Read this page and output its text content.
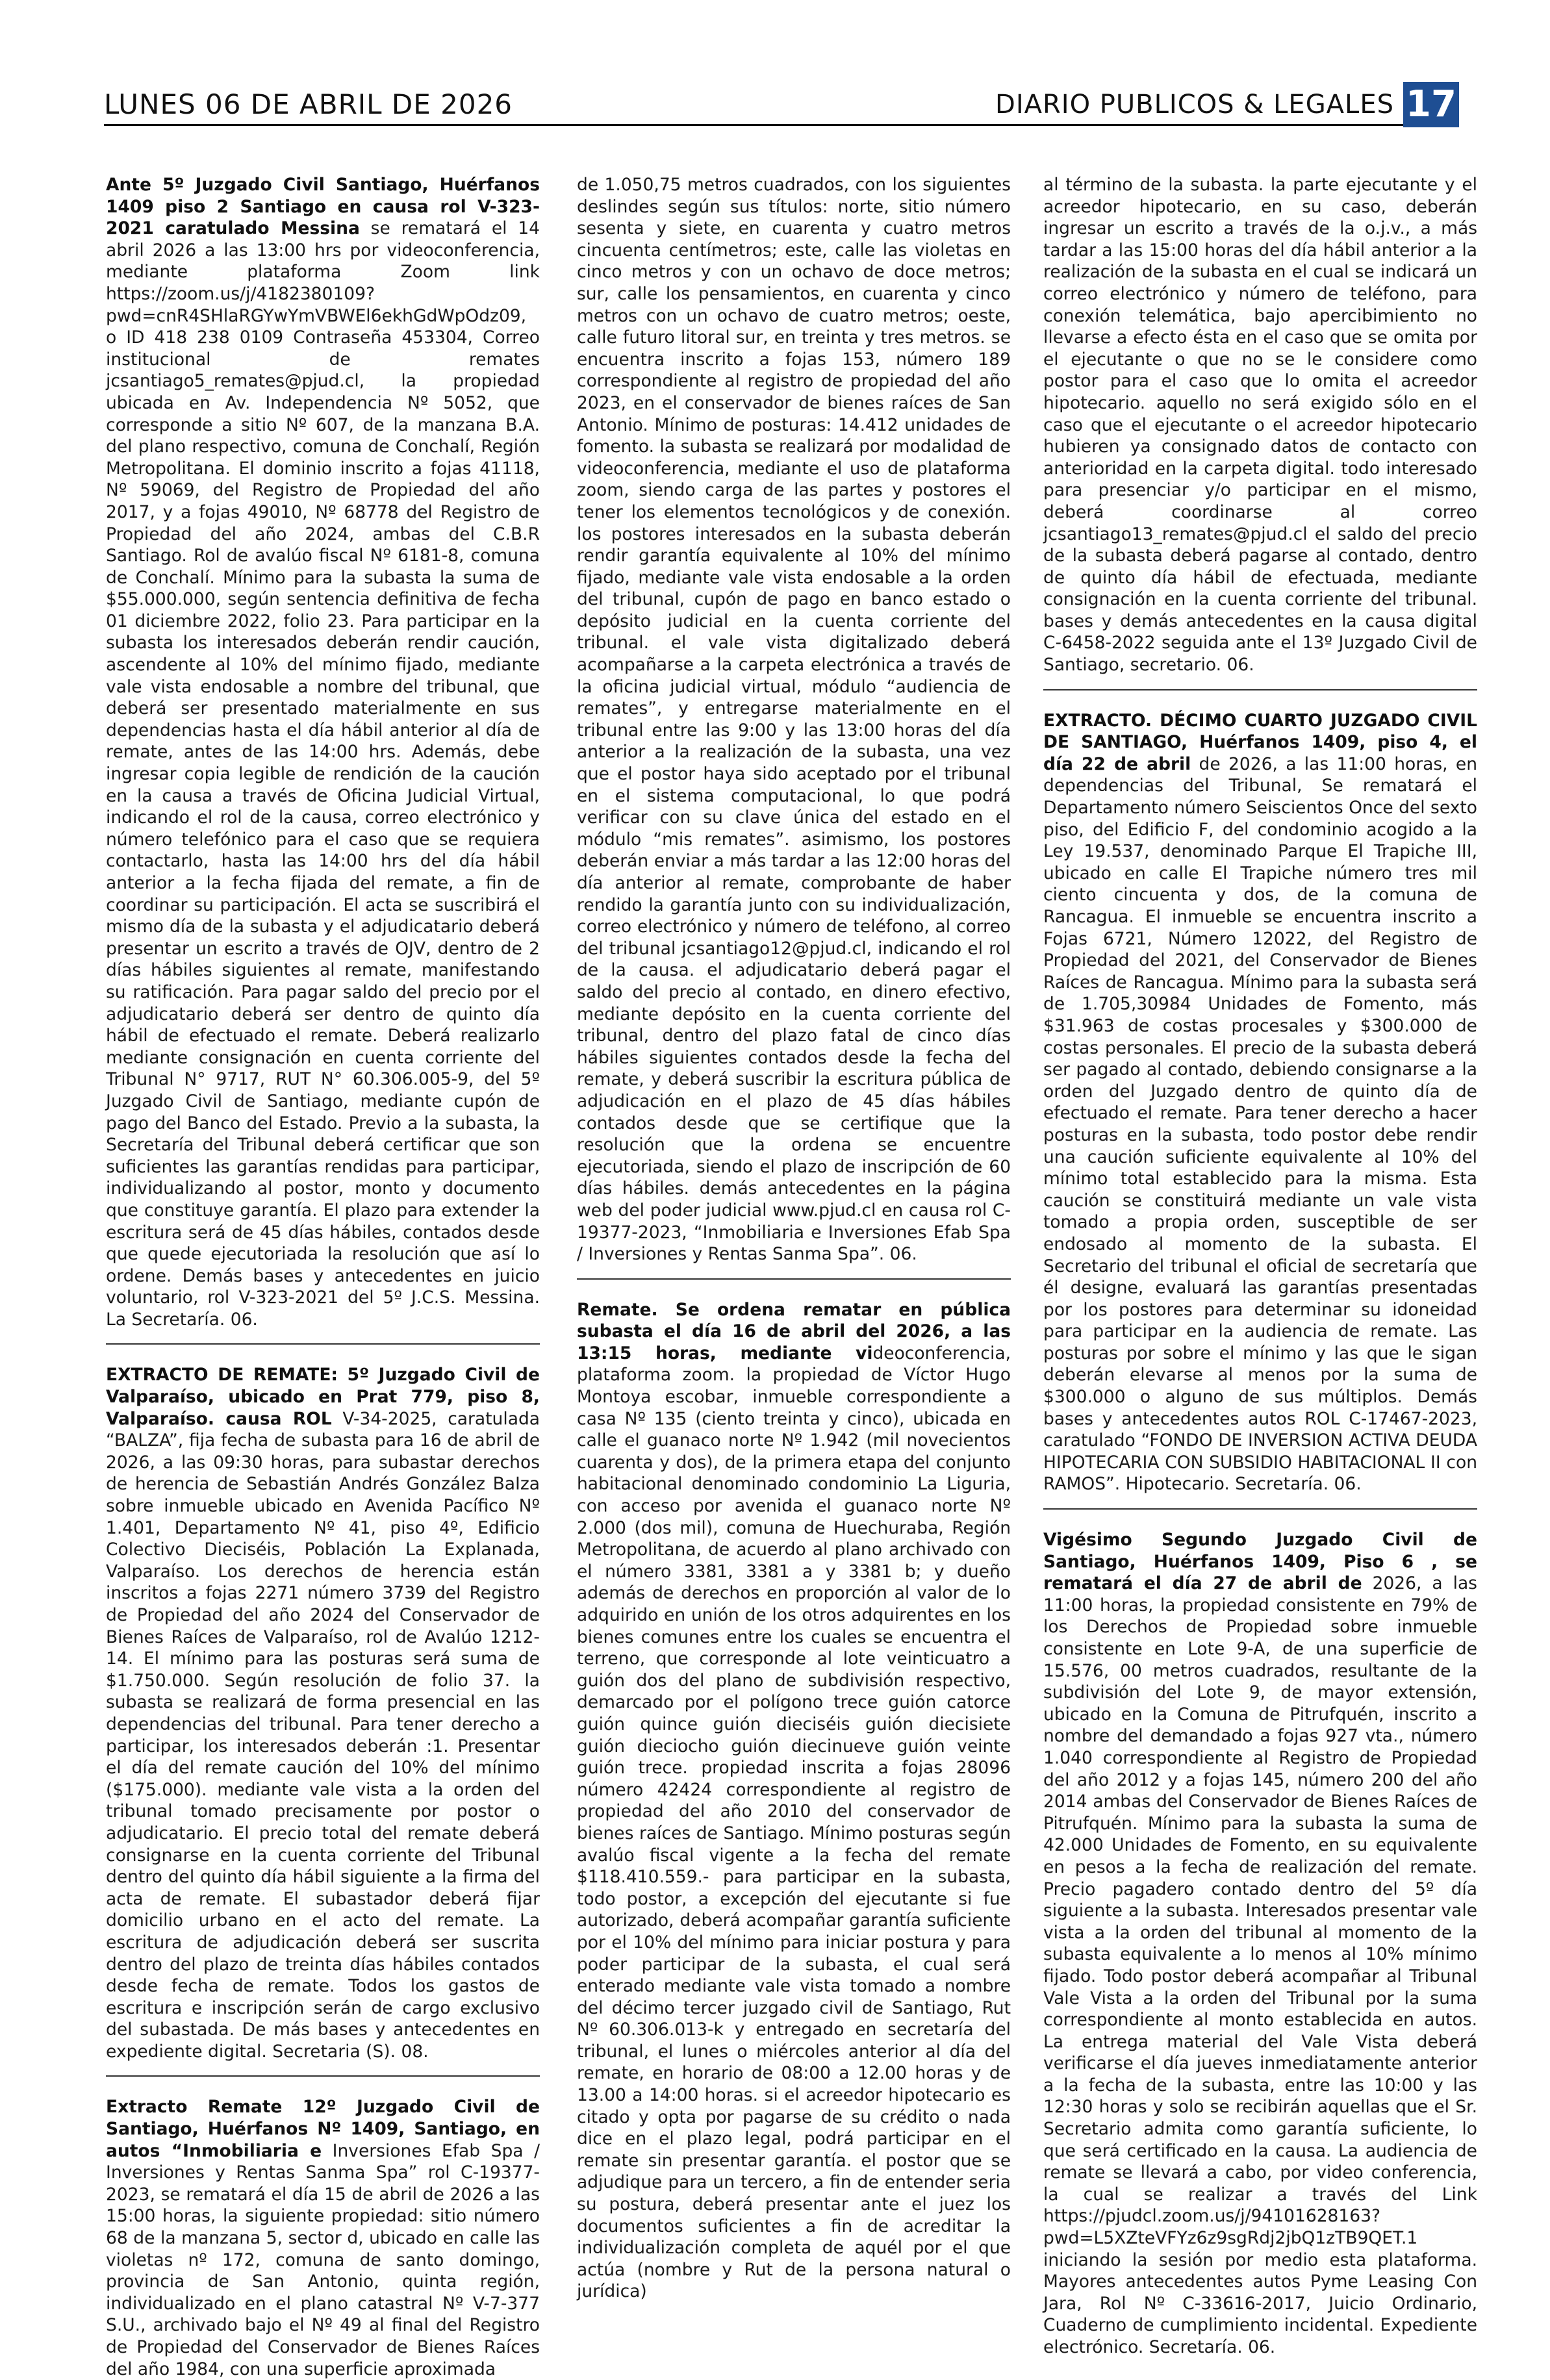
LUNES 06 DE ABRIL DE 2026	DIARIO PUBLICOS & LEGALES 17

Ante 5º Juzgado Civil Santiago, Huérfanos 1409 piso 2 Santiago en causa rol V-323-2021 caratulado Messina se rematará el 14 abril 2026 a las 13:00 hrs por videoconferencia, mediante plataforma Zoom link https://zoom.us/j/4182380109?pwd=cnR4SHlaRGYwYmVBWEl6ekhGdWpOdz09, o ID 418 238 0109 Contraseña 453304, Correo institucional de remates jcsantiago5_remates@pjud.cl, la propiedad ubicada en Av. Independencia Nº 5052, que corresponde a sitio Nº 607, de la manzana B.A. del plano respectivo, comuna de Conchalí, Región Metropolitana. El dominio inscrito a fojas 41118, Nº 59069, del Registro de Propiedad del año 2017, y a fojas 49010, Nº 68778 del Registro de Propiedad del año 2024, ambas del C.B.R Santiago. Rol de avalúo fiscal Nº 6181-8, comuna de Conchalí. Mínimo para la subasta la suma de $55.000.000, según sentencia definitiva de fecha 01 diciembre 2022, folio 23. Para participar en la subasta los interesados deberán rendir caución, ascendente al 10% del mínimo fijado, mediante vale vista endosable a nombre del tribunal, que deberá ser presentado materialmente en sus dependencias hasta el día hábil anterior al día de remate, antes de las 14:00 hrs. Además, debe ingresar copia legible de rendición de la caución en la causa a través de Oficina Judicial Virtual, indicando el rol de la causa, correo electrónico y número telefónico para el caso que se requiera contactarlo, hasta las 14:00 hrs del día hábil anterior a la fecha fijada del remate, a fin de coordinar su participación. El acta se suscribirá el mismo día de la subasta y el adjudicatario deberá presentar un escrito a través de OJV, dentro de 2 días hábiles siguientes al remate, manifestando su ratificación. Para pagar saldo del precio por el adjudicatario deberá ser dentro de quinto día hábil de efectuado el remate. Deberá realizarlo mediante consignación en cuenta corriente del Tribunal N° 9717, RUT N° 60.306.005-9, del 5º Juzgado Civil de Santiago, mediante cupón de pago del Banco del Estado. Previo a la subasta, la Secretaría del Tribunal deberá certificar que son suficientes las garantías rendidas para participar, individualizando al postor, monto y documento que constituye garantía. El plazo para extender la escritura será de 45 días hábiles, contados desde que quede ejecutoriada la resolución que así lo ordene. Demás bases y antecedentes en juicio voluntario, rol V-323-2021 del 5º J.C.S. Messina. La Secretaría. 06.

EXTRACTO DE REMATE: 5º Juzgado Civil de Valparaíso, ubicado en Prat 779, piso 8, Valparaíso. causa ROL V-34-2025, caratulada “BALZA”, fija fecha de subasta para 16 de abril de 2026, a las 09:30 horas, para subastar derechos de herencia de Sebastián Andrés González BaIza sobre inmueble ubicado en Avenida Pacífico Nº 1.401, Departamento Nº 41, piso 4º, Edificio Colectivo Dieciséis, Población La Explanada, Valparaíso. Los derechos de herencia están inscritos a fojas 2271 número 3739 del Registro de Propiedad del año 2024 del Conservador de Bienes Raíces de Valparaíso, rol de Avalúo 1212-14. El mínimo para las posturas será suma de $1.750.000. Según resolución de folio 37. la subasta se realizará de forma presencial en las dependencias del tribunal. Para tener derecho a participar, los interesados deberán :1. Presentar el día del remate caución del 10% del mínimo ($175.000). mediante vale vista a la orden del tribunal tomado precisamente por postor o adjudicatario. El precio total del remate deberá consignarse en la cuenta corriente del Tribunal dentro del quinto día hábil siguiente a la firma del acta de remate. El subastador deberá fijar domicilio urbano en el acto del remate. La escritura de adjudicación deberá ser suscrita dentro del plazo de treinta días hábiles contados desde fecha de remate. Todos los gastos de escritura e inscripción serán de cargo exclusivo del subastada. De más bases y antecedentes en expediente digital. Secretaria (S). 08.

Extracto Remate 12º Juzgado Civil de Santiago, Huérfanos Nº 1409, Santiago, en autos “Inmobiliaria e Inversiones Efab Spa / Inversiones y Rentas Sanma Spa” rol C-19377-2023, se rematará el día 15 de abril de 2026 a las 15:00 horas, la siguiente propiedad: sitio número 68 de la manzana 5, sector d, ubicado en calle las violetas nº 172, comuna de santo domingo, provincia de San Antonio, quinta región, individualizado en el plano catastral Nº V-7-377 S.U., archivado bajo el Nº 49 al final del Registro de Propiedad del Conservador de Bienes Raíces del año 1984, con una superficie aproximada

de 1.050,75 metros cuadrados, con los siguientes deslindes según sus títulos: norte, sitio número sesenta y siete, en cuarenta y cuatro metros cincuenta centímetros; este, calle las violetas en cinco metros y con un ochavo de doce metros; sur, calle los pensamientos, en cuarenta y cinco metros con un ochavo de cuatro metros; oeste, calle futuro litoral sur, en treinta y tres metros. se encuentra inscrito a fojas 153, número 189 correspondiente al registro de propiedad del año 2023, en el conservador de bienes raíces de San Antonio. Mínimo de posturas: 14.412 unidades de fomento. la subasta se realizará por modalidad de videoconferencia, mediante el uso de plataforma zoom, siendo carga de las partes y postores el tener los elementos tecnológicos y de conexión. los postores interesados en la subasta deberán rendir garantía equivalente al 10% del mínimo fijado, mediante vale vista endosable a la orden del tribunal, cupón de pago en banco estado o depósito judicial en la cuenta corriente del tribunal. el vale vista digitalizado deberá acompañarse a la carpeta electrónica a través de la oficina judicial virtual, módulo “audiencia de remates”, y entregarse materialmente en el tribunal entre las 9:00 y las 13:00 horas del día anterior a la realización de la subasta, una vez que el postor haya sido aceptado por el tribunal en el sistema computacional, lo que podrá verificar con su clave única del estado en el módulo “mis remates”. asimismo, los postores deberán enviar a más tardar a las 12:00 horas del día anterior al remate, comprobante de haber rendido la garantía junto con su individualización, correo electrónico y número de teléfono, al correo del tribunal jcsantiago12@pjud.cl, indicando el rol de la causa. el adjudicatario deberá pagar el saldo del precio al contado, en dinero efectivo, mediante depósito en la cuenta corriente del tribunal, dentro del plazo fatal de cinco días hábiles siguientes contados desde la fecha del remate, y deberá suscribir la escritura pública de adjudicación en el plazo de 45 días hábiles contados desde que se certifique que la resolución que la ordena se encuentre ejecutoriada, siendo el plazo de inscripción de 60 días hábiles. demás antecedentes en la página web del poder judicial www.pjud.cl en causa rol C-19377-2023, “Inmobiliaria e Inversiones Efab Spa / Inversiones y Rentas Sanma Spa”. 06.

Remate. Se ordena rematar en pública subasta el día 16 de abril del 2026, a las 13:15 horas, mediante videoconferencia, plataforma zoom. la propiedad de Víctor Hugo Montoya escobar, inmueble correspondiente a casa Nº 135 (ciento treinta y cinco), ubicada en calle el guanaco norte Nº 1.942 (mil novecientos cuarenta y dos), de la primera etapa del conjunto habitacional denominado condominio La Liguria, con acceso por avenida el guanaco norte Nº 2.000 (dos mil), comuna de Huechuraba, Región Metropolitana, de acuerdo al plano archivado con el número 3381, 3381 a y 3381 b; y dueño además de derechos en proporción al valor de lo adquirido en unión de los otros adquirentes en los bienes comunes entre los cuales se encuentra el terreno, que corresponde al lote veinticuatro a guión dos del plano de subdivisión respectivo, demarcado por el polígono trece guión catorce guión quince guión dieciséis guión diecisiete guión dieciocho guión diecinueve guión veinte guión trece. propiedad inscrita a fojas 28096 número 42424 correspondiente al registro de propiedad del año 2010 del conservador de bienes raíces de Santiago. Mínimo posturas según avalúo fiscal vigente a la fecha del remate $118.410.559.- para participar en la subasta, todo postor, a excepción del ejecutante si fue autorizado, deberá acompañar garantía suficiente por el 10% del mínimo para iniciar postura y para poder participar de la subasta, el cual será enterado mediante vale vista tomado a nombre del décimo tercer juzgado civil de Santiago, Rut Nº 60.306.013-k y entregado en secretaría del tribunal, el lunes o miércoles anterior al día del remate, en horario de 08:00 a 12.00 horas y de 13.00 a 14:00 horas. si el acreedor hipotecario es citado y opta por pagarse de su crédito o nada dice en el plazo legal, podrá participar en el remate sin presentar garantía. el postor que se adjudique para un tercero, a fin de entender seria su postura, deberá presentar ante el juez los documentos suficientes a fin de acreditar la individualización completa de aquél por el que actúa (nombre y Rut de la persona natural o jurídica)

al término de la subasta. la parte ejecutante y el acreedor hipotecario, en su caso, deberán ingresar un escrito a través de la o.j.v., a más tardar a las 15:00 horas del día hábil anterior a la realización de la subasta en el cual se indicará un correo electrónico y número de teléfono, para conexión telemática, bajo apercibimiento no llevarse a efecto ésta en el caso que se omita por el ejecutante o que no se le considere como postor para el caso que lo omita el acreedor hipotecario. aquello no será exigido sólo en el caso que el ejecutante o el acreedor hipotecario hubieren ya consignado datos de contacto con anterioridad en la carpeta digital. todo interesado para presenciar y/o participar en el mismo, deberá coordinarse al correo jcsantiago13_remates@pjud.cl el saldo del precio de la subasta deberá pagarse al contado, dentro de quinto día hábil de efectuada, mediante consignación en la cuenta corriente del tribunal. bases y demás antecedentes en la causa digital C-6458-2022 seguida ante el 13º Juzgado Civil de Santiago, secretario. 06.

EXTRACTO. DÉCIMO CUARTO JUZGADO CIVIL DE SANTIAGO, Huérfanos 1409, piso 4, el día 22 de abril de 2026, a las 11:00 horas, en dependencias del Tribunal, Se rematará el Departamento número Seiscientos Once del sexto piso, del Edificio F, del condominio acogido a la Ley 19.537, denominado Parque El Trapiche III, ubicado en calle El Trapiche número tres mil ciento cincuenta y dos, de la comuna de Rancagua. El inmueble se encuentra inscrito a Fojas 6721, Número 12022, del Registro de Propiedad del 2021, del Conservador de Bienes Raíces de Rancagua. Mínimo para la subasta será de 1.705,30984 Unidades de Fomento, más $31.963 de costas procesales y $300.000 de costas personales. El precio de la subasta deberá ser pagado al contado, debiendo consignarse a la orden del Juzgado dentro de quinto día de efectuado el remate. Para tener derecho a hacer posturas en la subasta, todo postor debe rendir una caución suficiente equivalente al 10% del mínimo total establecido para la misma. Esta caución se constituirá mediante un vale vista tomado a propia orden, susceptible de ser endosado al momento de la subasta. El Secretario del tribunal el oficial de secretaría que él designe, evaluará las garantías presentadas por los postores para determinar su idoneidad para participar en la audiencia de remate. Las posturas por sobre el mínimo y las que le sigan deberán elevarse al menos por la suma de $300.000 o alguno de sus múltiplos. Demás bases y antecedentes autos ROL C-17467-2023, caratulado “FONDO DE INVERSION ACTIVA DEUDA HIPOTECARIA CON SUBSIDIO HABITACIONAL II con RAMOS”. Hipotecario. Secretaría. 06.

Vigésimo Segundo Juzgado Civil de Santiago, Huérfanos 1409, Piso 6 , se rematará el día 27 de abril de 2026, a las 11:00 horas, la propiedad consistente en 79% de los Derechos de Propiedad sobre inmueble consistente en Lote 9-A, de una superficie de 15.576, 00 metros cuadrados, resultante de la subdivisión del Lote 9, de mayor extensión, ubicado en la Comuna de Pitrufquén, inscrito a nombre del demandado a fojas 927 vta., número 1.040 correspondiente al Registro de Propiedad del año 2012 y a fojas 145, número 200 del año 2014 ambas del Conservador de Bienes Raíces de Pitrufquén. Mínimo para la subasta la suma de 42.000 Unidades de Fomento, en su equivalente en pesos a la fecha de realización del remate. Precio pagadero contado dentro del 5º día siguiente a la subasta. Interesados presentar vale vista a la orden del tribunal al momento de la subasta equivalente a lo menos al 10% mínimo fijado. Todo postor deberá acompañar al Tribunal Vale Vista a la orden del Tribunal por la suma correspondiente al monto establecida en autos. La entrega material del Vale Vista deberá verificarse el día jueves inmediatamente anterior a la fecha de la subasta, entre las 10:00 y las 12:30 horas y solo se recibirán aquellas que el Sr. Secretario admita como garantía suficiente, lo que será certificado en la causa. La audiencia de remate se llevará a cabo, por video conferencia, la cual se realizar a través del Link https://pjudcl.zoom.us/j/94101628163?pwd=L5XZteVFYz6z9sgRdj2jbQ1zTB9QET.1 iniciando la sesión por medio esta plataforma. Mayores antecedentes autos Pyme Leasing Con Jara, Rol Nº C-33616-2017, Juicio Ordinario, Cuaderno de cumplimiento incidental. Expediente electrónico. Secretaría. 06.
